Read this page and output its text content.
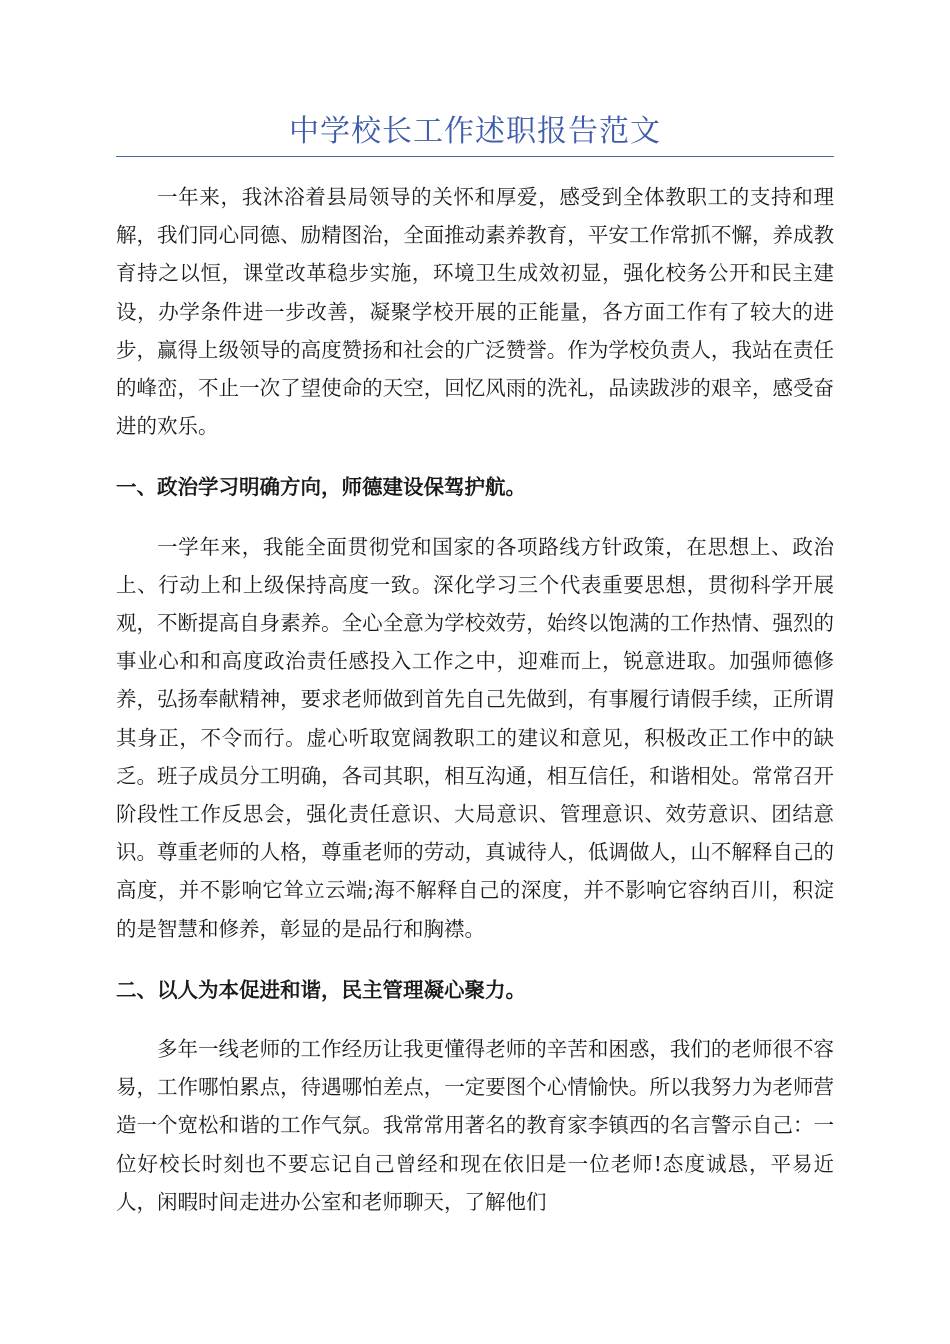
中学校长工作述职报告范文

一年来，我沐浴着县局领导的关怀和厚爱，感受到全体教职工的支持和理解，我们同心同德、励精图治，全面推动素养教育，平安工作常抓不懈，养成教育持之以恒，课堂改革稳步实施，环境卫生成效初显，强化校务公开和民主建设，办学条件进一步改善，凝聚学校开展的正能量，各方面工作有了较大的进步，赢得上级领导的高度赞扬和社会的广泛赞誉。作为学校负责人，我站在责任的峰峦，不止一次了望使命的天空，回忆风雨的洗礼，品读跋涉的艰辛，感受奋进的欢乐。

一、政治学习明确方向，师德建设保驾护航。

一学年来，我能全面贯彻党和国家的各项路线方针政策，在思想上、政治上、行动上和上级保持高度一致。深化学习三个代表重要思想，贯彻科学开展观，不断提高自身素养。全心全意为学校效劳，始终以饱满的工作热情、强烈的事业心和和高度政治责任感投入工作之中，迎难而上，锐意进取。加强师德修养，弘扬奉献精神，要求老师做到首先自己先做到，有事履行请假手续，正所谓其身正，不令而行。虚心听取宽阔教职工的建议和意见，积极改正工作中的缺乏。班子成员分工明确，各司其职，相互沟通，相互信任，和谐相处。常常召开阶段性工作反思会，强化责任意识、大局意识、管理意识、效劳意识、团结意识。尊重老师的人格，尊重老师的劳动，真诚待人，低调做人，山不解释自己的高度，并不影响它耸立云端;海不解释自己的深度，并不影响它容纳百川，积淀的是智慧和修养，彰显的是品行和胸襟。

二、以人为本促进和谐，民主管理凝心聚力。

多年一线老师的工作经历让我更懂得老师的辛苦和困惑，我们的老师很不容易，工作哪怕累点，待遇哪怕差点，一定要图个心情愉快。所以我努力为老师营造一个宽松和谐的工作气氛。我常常用著名的教育家李镇西的名言警示自己：一位好校长时刻也不要忘记自己曾经和现在依旧是一位老师!态度诚恳，平易近人，闲暇时间走进办公室和老师聊天，了解他们
